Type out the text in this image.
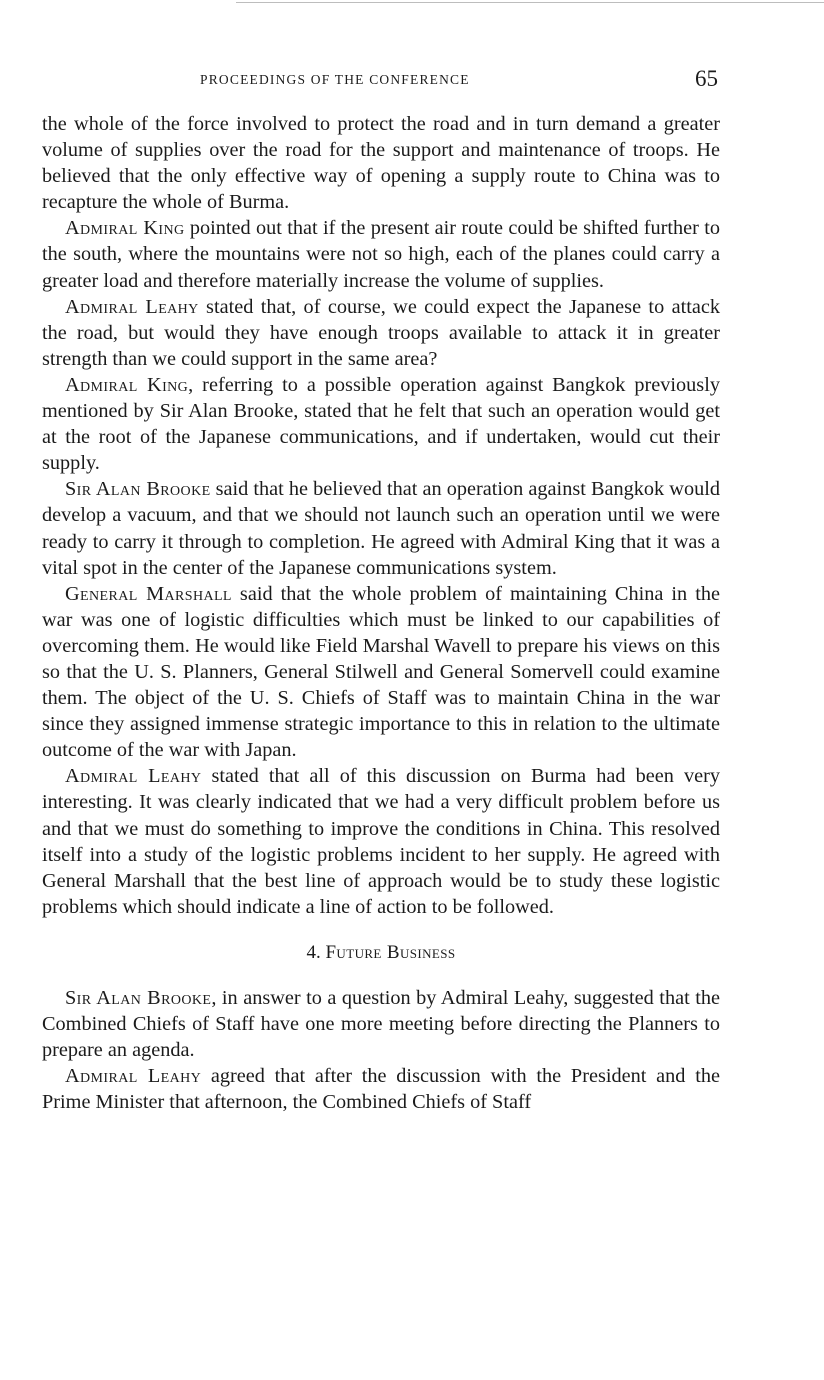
PROCEEDINGS OF THE CONFERENCE	65

the whole of the force involved to protect the road and in turn demand a greater volume of supplies over the road for the support and maintenance of troops. He believed that the only effective way of opening a supply route to China was to recapture the whole of Burma.

Admiral King pointed out that if the present air route could be shifted further to the south, where the mountains were not so high, each of the planes could carry a greater load and therefore materially increase the volume of supplies.

Admiral Leahy stated that, of course, we could expect the Japanese to attack the road, but would they have enough troops available to attack it in greater strength than we could support in the same area?

Admiral King, referring to a possible operation against Bangkok previously mentioned by Sir Alan Brooke, stated that he felt that such an operation would get at the root of the Japanese communications, and if undertaken, would cut their supply.

Sir Alan Brooke said that he believed that an operation against Bangkok would develop a vacuum, and that we should not launch such an operation until we were ready to carry it through to completion. He agreed with Admiral King that it was a vital spot in the center of the Japanese communications system.

General Marshall said that the whole problem of maintaining China in the war was one of logistic difficulties which must be linked to our capabilities of overcoming them. He would like Field Marshal Wavell to prepare his views on this so that the U. S. Planners, General Stilwell and General Somervell could examine them. The object of the U. S. Chiefs of Staff was to maintain China in the war since they assigned immense strategic importance to this in relation to the ultimate outcome of the war with Japan.

Admiral Leahy stated that all of this discussion on Burma had been very interesting. It was clearly indicated that we had a very difficult problem before us and that we must do something to improve the conditions in China. This resolved itself into a study of the logistic problems incident to her supply. He agreed with General Marshall that the best line of approach would be to study these logistic problems which should indicate a line of action to be followed.

4. Future Business

Sir Alan Brooke, in answer to a question by Admiral Leahy, suggested that the Combined Chiefs of Staff have one more meeting before directing the Planners to prepare an agenda.

Admiral Leahy agreed that after the discussion with the President and the Prime Minister that afternoon, the Combined Chiefs of Staff
